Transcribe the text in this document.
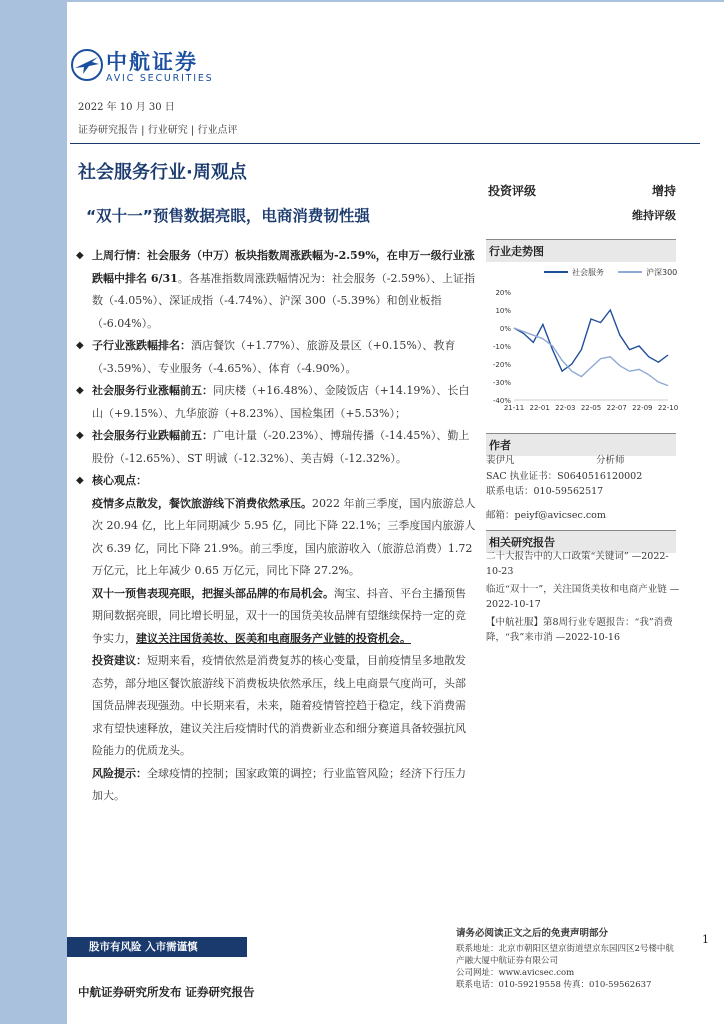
中航证券
AVIC SECURITIES
2022 年 10 月 30 日
证券研究报告 | 行业研究 | 行业点评
社会服务行业·周观点
“双十一”预售数据亮眼，电商消费韧性强
投资评级	增持
维持评级
◆ 上周行情：社会服务（中万）板块指数周涨跌幅为-2.59%，在申万一级行业涨跌幅中排名 6/31。各基准指数周涨跌幅情况为：社会服务（-2.59%）、上证指数（-4.05%）、深证成指（-4.74%）、沪深 300（-5.39%）和创业板指（-6.04%）。
◆ 子行业涨跌幅排名：酒店餐饮（+1.77%）、旅游及景区（+0.15%）、教育（-3.59%）、专业服务（-4.65%）、体育（-4.90%）。
◆ 社会服务行业涨幅前五：同庆楼（+16.48%）、金陵饭店（+14.19%）、长白山（+9.15%）、九华旅游（+8.23%）、国检集团（+5.53%）；
◆ 社会服务行业跌幅前五：广电计量（-20.23%）、博瑞传播（-14.45%）、勤上股份（-12.65%）、ST 明诚（-12.32%）、美吉姆（-12.32%）。
◆ 核心观点：
疫情多点散发，餐饮旅游线下消费依然承压。2022 年前三季度，国内旅游总人次 20.94 亿，比上年同期减少 5.95 亿，同比下降 22.1%；三季度国内旅游人次 6.39 亿，同比下降 21.9%。前三季度，国内旅游收入（旅游总消费）1.72 万亿元，比上年减少 0.65 万亿元，同比下降 27.2%。
双十一预售表现亮眼，把握头部品牌的布局机会。淘宝、抖音、平台主播预售期间数据亮眼，同比增长明显，双十一的国货美妆品牌有望继续保持一定的竞争实力，建议关注国货美妆、医美和电商服务产业链的投资机会。
投资建议：短期来看，疫情依然是消费复苏的核心变量，目前疫情呈多地散发态势，部分地区餐饮旅游线下消费板块依然承压，线上电商景气度尚可，头部国货品牌表现强劲。中长期来看，未来，随着疫情管控趋于稳定，线下消费需求有望快速释放，建议关注后疫情时代的消费新业态和细分赛道具备较强抗风险能力的优质龙头。
风险提示：全球疫情的控制；国家政策的调控；行业监管风险；经济下行压力加大。
行业走势图
社会服务	沪深300
20%
10%
0%
-10%
-20%
-30%
-40%
21-11 22-01 22-03 22-05 22-07 22-09 22-10
作者
裴伊凡	分析师
SAC 执业证书：S0640516120002
联系电话：010-59562517
邮箱：peiyf@avicsec.com
相关研究报告
二十大报告中的人口政策“关键词” —2022-10-23
临近“双十一”，关注国货美妆和电商产业链 —2022-10-17
【中航社服】第8周行业专题报告：“我”消费降，“我”来市消 —2022-10-16
股市有风险 入市需谨慎
中航证券研究所发布 证券研究报告
请务必阅读正文之后的免责声明部分
联系地址：北京市朝阳区望京街道望京东园四区2号楼中航产融大厦中航证券有限公司
公司网址：www.avicsec.com
联系电话：010-59219558 传真：010-59562637
1
